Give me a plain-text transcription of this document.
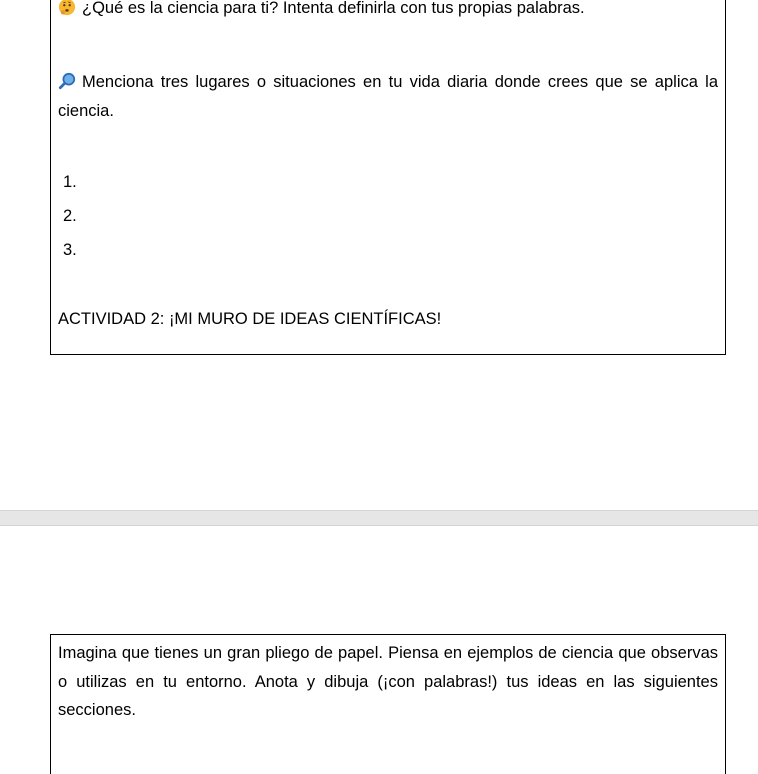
¿Qué es la ciencia para ti? Intenta definirla con tus propias palabras.

Menciona tres lugares o situaciones en tu vida diaria donde crees que se aplica la ciencia.

1.
2.
3.

ACTIVIDAD 2: ¡MI MURO DE IDEAS CIENTÍFICAS!

Imagina que tienes un gran pliego de papel. Piensa en ejemplos de ciencia que observas o utilizas en tu entorno. Anota y dibuja (¡con palabras!) tus ideas en las siguientes secciones.
